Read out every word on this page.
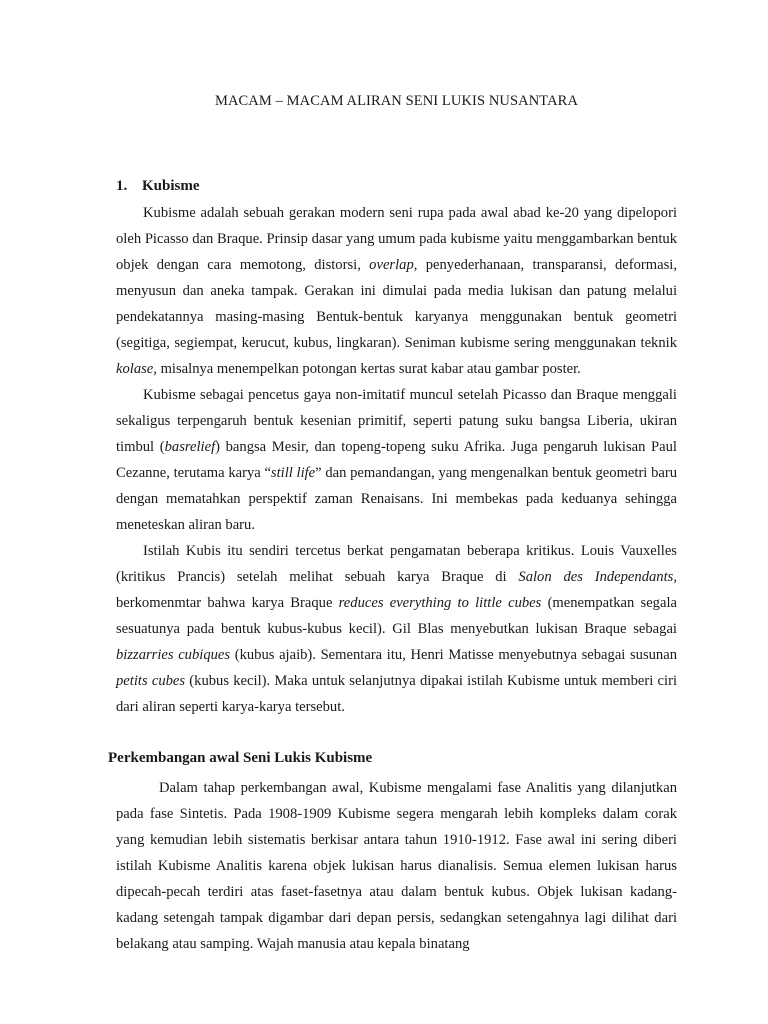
MACAM – MACAM ALIRAN SENI LUKIS NUSANTARA
1. Kubisme

Kubisme adalah sebuah gerakan modern seni rupa pada awal abad ke-20 yang dipelopori oleh Picasso dan Braque. Prinsip dasar yang umum pada kubisme yaitu menggambarkan bentuk objek dengan cara memotong, distorsi, overlap, penyederhanaan, transparansi, deformasi, menyusun dan aneka tampak. Gerakan ini dimulai pada media lukisan dan patung melalui pendekatannya masing-masing Bentuk-bentuk karyanya menggunakan bentuk geometri (segitiga, segiempat, kerucut, kubus, lingkaran). Seniman kubisme sering menggunakan teknik kolase, misalnya menempelkan potongan kertas surat kabar atau gambar poster.

Kubisme sebagai pencetus gaya non-imitatif muncul setelah Picasso dan Braque menggali sekaligus terpengaruh bentuk kesenian primitif, seperti patung suku bangsa Liberia, ukiran timbul (basrelief) bangsa Mesir, dan topeng-topeng suku Afrika. Juga pengaruh lukisan Paul Cezanne, terutama karya “still life” dan pemandangan, yang mengenalkan bentuk geometri baru dengan mematahkan perspektif zaman Renaisans. Ini membekas pada keduanya sehingga meneteskan aliran baru.

Istilah Kubis itu sendiri tercetus berkat pengamatan beberapa kritikus. Louis Vauxelles (kritikus Prancis) setelah melihat sebuah karya Braque di Salon des Independants, berkomenmtar bahwa karya Braque reduces everything to little cubes (menempatkan segala sesuatunya pada bentuk kubus-kubus kecil). Gil Blas menyebutkan lukisan Braque sebagai bizzarries cubiques (kubus ajaib). Sementara itu, Henri Matisse menyebutnya sebagai susunan petits cubes (kubus kecil). Maka untuk selanjutnya dipakai istilah Kubisme untuk memberi ciri dari aliran seperti karya-karya tersebut.

Perkembangan awal Seni Lukis Kubisme

Dalam tahap perkembangan awal, Kubisme mengalami fase Analitis yang dilanjutkan pada fase Sintetis. Pada 1908-1909 Kubisme segera mengarah lebih kompleks dalam corak yang kemudian lebih sistematis berkisar antara tahun 1910-1912. Fase awal ini sering diberi istilah Kubisme Analitis karena objek lukisan harus dianalisis. Semua elemen lukisan harus dipecah-pecah terdiri atas faset-fasetnya atau dalam bentuk kubus. Objek lukisan kadang-kadang setengah tampak digambar dari depan persis, sedangkan setengahnya lagi dilihat dari belakang atau samping. Wajah manusia atau kepala binatang
